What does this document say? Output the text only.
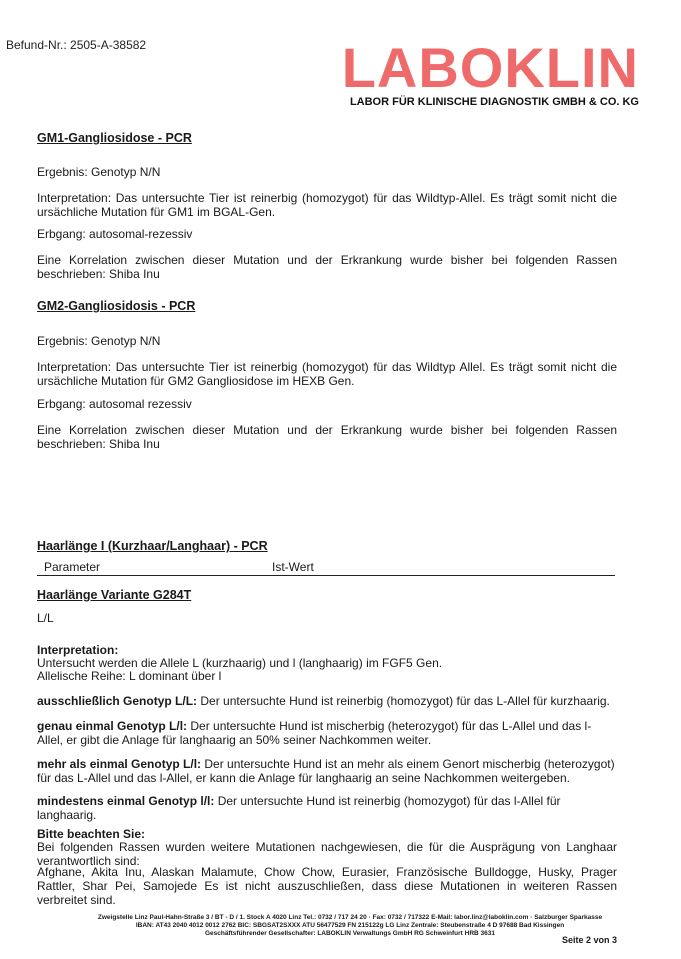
Befund-Nr.: 2505-A-38582	LABOKLIN
LABOR FÜR KLINISCHE DIAGNOSTIK GMBH & CO. KG
GM1-Gangliosidose - PCR
Ergebnis: Genotyp N/N
Interpretation: Das untersuchte Tier ist reinerbig (homozygot) für das Wildtyp-Allel. Es trägt somit nicht die ursächliche Mutation für GM1 im BGAL-Gen.
Erbgang: autosomal-rezessiv
Eine Korrelation zwischen dieser Mutation und der Erkrankung wurde bisher bei folgenden Rassen beschrieben: Shiba Inu
GM2-Gangliosidosis - PCR
Ergebnis: Genotyp N/N
Interpretation: Das untersuchte Tier ist reinerbig (homozygot) für das Wildtyp Allel. Es trägt somit nicht die ursächliche Mutation für GM2 Gangliosidose im HEXB Gen.
Erbgang: autosomal rezessiv
Eine Korrelation zwischen dieser Mutation und der Erkrankung wurde bisher bei folgenden Rassen beschrieben: Shiba Inu
Haarlänge I (Kurzhaar/Langhaar) - PCR
Parameter	Ist-Wert
Haarlänge Variante G284T
L/L
Interpretation:
Untersucht werden die Allele L (kurzhaarig) und l (langhaarig) im FGF5 Gen.
Allelische Reihe: L dominant über l
ausschließlich Genotyp L/L: Der untersuchte Hund ist reinerbig (homozygot) für das L-Allel für kurzhaarig.
genau einmal Genotyp L/l: Der untersuchte Hund ist mischerbig (heterozygot) für das L-Allel und das l-Allel, er gibt die Anlage für langhaarig an 50% seiner Nachkommen weiter.
mehr als einmal Genotyp L/l: Der untersuchte Hund ist an mehr als einem Genort mischerbig (heterozygot) für das L-Allel und das l-Allel, er kann die Anlage für langhaarig an seine Nachkommen weitergeben.
mindestens einmal Genotyp l/l: Der untersuchte Hund ist reinerbig (homozygot) für das l-Allel für langhaarig.
Bitte beachten Sie:
Bei folgenden Rassen wurden weitere Mutationen nachgewiesen, die für die Ausprägung von Langhaar verantwortlich sind:
Afghane, Akita Inu, Alaskan Malamute, Chow Chow, Eurasier, Französische Bulldogge, Husky, Prager Rattler, Shar Pei, Samojede Es ist nicht auszuschließen, dass diese Mutationen in weiteren Rassen verbreitet sind.
Zweigstelle Linz Paul-Hahn-Straße 3 / BT - D / 1. Stock A 4020 Linz Tel.: 0732 / 717 24 20 · Fax: 0732 / 717322 E-Mail: labor.linz@laboklin.com · Salzburger Sparkasse
IBAN: AT43 2040 4012 0012 2762 BIC: SBGSAT2SXXX ATU 56477529 FN 215122g LG Linz Zentrale: Steubenstraße 4 D 97688 Bad Kissingen
Geschäftsführender Gesellschafter: LABOKLIN Verwaltungs GmbH RG Schweinfurt HRB 3631
Seite 2 von 3
